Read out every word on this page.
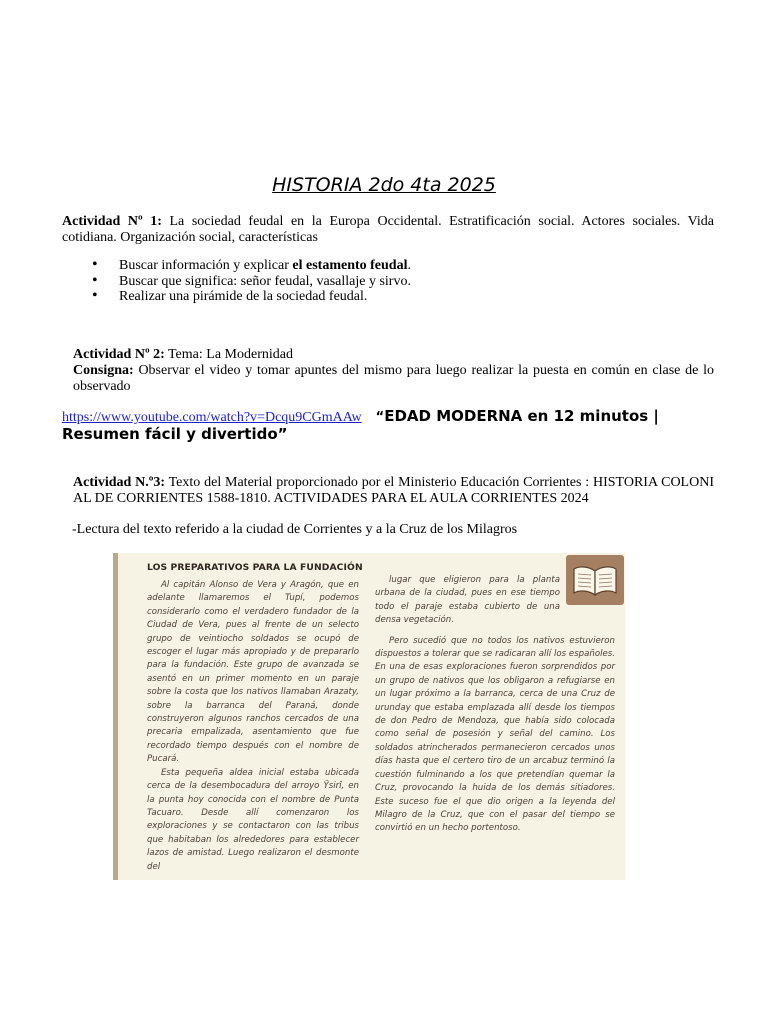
HISTORIA 2do 4ta 2025

Actividad Nº 1: La sociedad feudal en la Europa Occidental. Estratificación social. Actores sociales. Vida cotidiana. Organización social, características

• Buscar información y explicar el estamento feudal.
• Buscar que significa: señor feudal, vasallaje y sirvo.
• Realizar una pirámide de la sociedad feudal.
Actividad Nº 2: Tema: La Modernidad
Consigna: Observar el video y tomar apuntes del mismo para luego realizar la puesta en común en clase de lo observado
https://www.youtube.com/watch?v=Dcqu9CGmAAw “EDAD MODERNA en 12 minutos | Resumen fácil y divertido”

Actividad N.º3: Texto del Material proporcionado por el Ministerio Educación Corrientes : HISTORIA COLONI AL DE CORRIENTES 1588-1810. ACTIVIDADES PARA EL AULA CORRIENTES 2024

-Lectura del texto referido a la ciudad de Corrientes y a la Cruz de los Milagros

LOS PREPARATIVOS PARA LA FUNDACIÓN

Al capitán Alonso de Vera y Aragón, que en adelante llamaremos el Tupí, podemos considerarlo como el verdadero fundador de la Ciudad de Vera, pues al frente de un selecto grupo de veintiocho soldados se ocupó de escoger el lugar más apropiado y de prepararlo para la fundación. Este grupo de avanzada se asentó en un primer momento en un paraje sobre la costa que los nativos llamaban Arazaty, sobre la barranca del Paraná, donde construyeron algunos ranchos cercados de una precaria empalizada, asentamiento que fue recordado tiempo después con el nombre de Pucará.

Esta pequeña aldea inicial estaba ubicada cerca de la desembocadura del arroyo Ÿsirî, en la punta hoy conocida con el nombre de Punta Tacuaro. Desde allí comenzaron los exploraciones y se contactaron con las tribus que habitaban los alrededores para establecer lazos de amistad. Luego realizaron el desmonte del

lugar que eligieron para la planta urbana de la ciudad, pues en ese tiempo todo el paraje estaba cubierto de una densa vegetación.

Pero sucedió que no todos los nativos estuvieron dispuestos a tolerar que se radicaran allí los españoles. En una de esas exploraciones fueron sorprendidos por un grupo de nativos que los obligaron a refugiarse en un lugar próximo a la barranca, cerca de una Cruz de urunday que estaba emplazada allí desde los tiempos de don Pedro de Mendoza, que había sido colocada como señal de posesión y señal del camino. Los soldados atrincherados permanecieron cercados unos días hasta que el certero tiro de un arcabuz terminó la cuestión fulminando a los que pretendían quemar la Cruz, provocando la huida de los demás sitiadores. Este suceso fue el que dio origen a la leyenda del Milagro de la Cruz, que con el pasar del tiempo se convirtió en un hecho portentoso.
